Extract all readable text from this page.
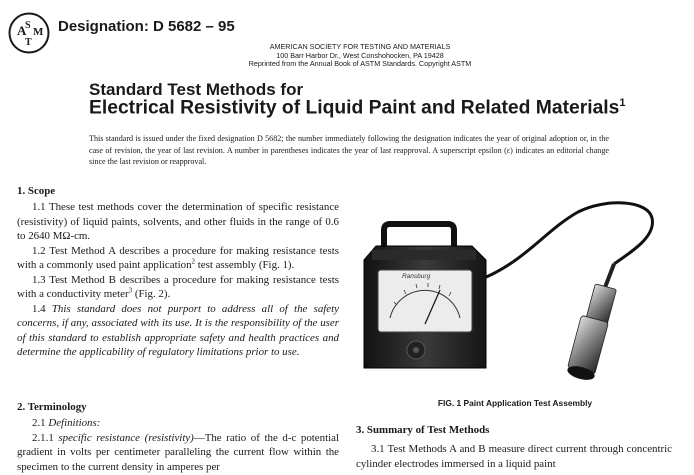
A
S
T
M Designation: D 5682 – 95
AMERICAN SOCIETY FOR TESTING AND MATERIALS
100 Barr Harbor Dr., West Conshohocken, PA 19428
Reprinted from the Annual Book of ASTM Standards. Copyright ASTM
Standard Test Methods for
Electrical Resistivity of Liquid Paint and Related Materials$^1$
This standard is issued under the fixed designation D 5682; the number immediately following the designation indicates the year of original adoption or, in the case of revision, the year of last revision. A number in parentheses indicates the year of last reapproval. A superscript epsilon (ε) indicates an editorial change since the last revision or reapproval.
1. Scope

1.1 These test methods cover the determination of specific resistance (resistivity) of liquid paints, solvents, and other fluids in the range of 0.6 to 2640 MΩ-cm.

1.2 Test Method A describes a procedure for making resistance tests with a commonly used paint application$^2$ test assembly (Fig. 1).

1.3 Test Method B describes a procedure for making resistance tests with a conductivity meter$^3$ (Fig. 2).

1.4 This standard does not purport to address all of the safety concerns, if any, associated with its use. It is the responsibility of the user of this standard to establish appropriate safety and health practices and determine the applicability of regulatory limitations prior to use.

2. Terminology

2.1 Definitions:

2.1.1 specific resistance (resistivity)—The ratio of the d-c potential gradient in volts per centimeter paralleling the current flow within the specimen to the current density in amperes per

Ransburg
FIG. 1 Paint Application Test Assembly
3. Summary of Test Methods

3.1 Test Methods A and B measure direct current through concentric cylinder electrodes immersed in a liquid paint
